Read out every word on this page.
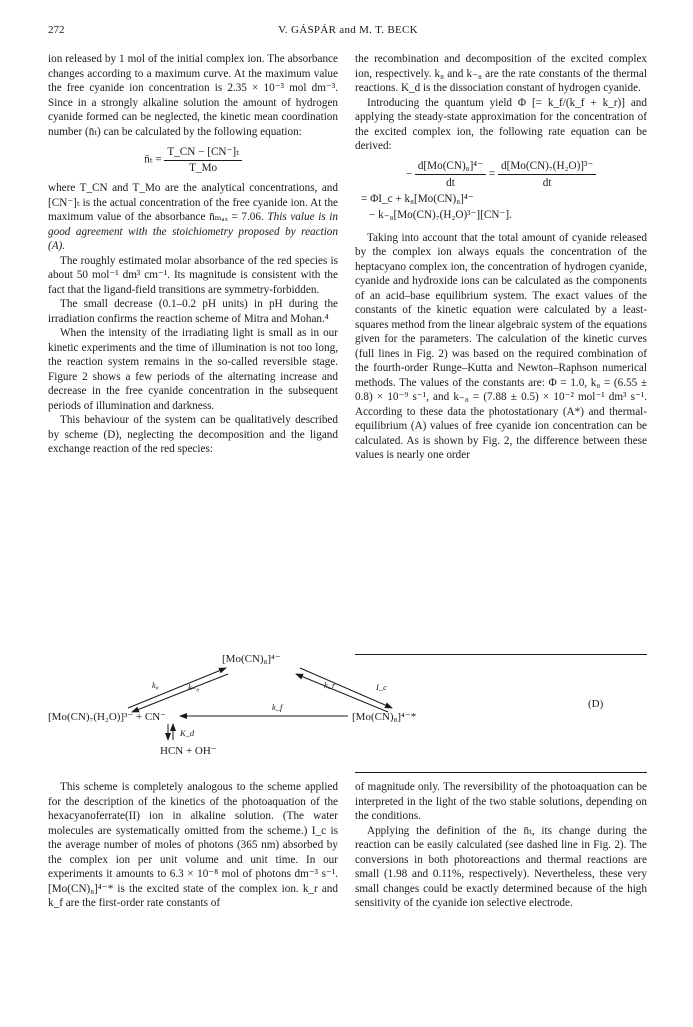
272	V. GÁSPÁR and M. T. BECK

ion released by 1 mol of the initial complex ion. The absorbance changes according to a maximum curve. At the maximum value the free cyanide ion concentration is 2.35 × 10⁻³ mol dm⁻³. Since in a strongly alkaline solution the amount of hydrogen cyanide formed can be neglected, the kinetic mean coordination number (n̄ₜ) can be calculated by the following equation:

n̄ₜ = $\frac{\text{T\_CN − [CN⁻]ₜ}}{T\_Mo}$

where T_CN and T_Mo are the analytical concentrations, and [CN⁻]ₜ is the actual concentration of the free cyanide ion. At the maximum value of the absorbance n̄ₘₐₓ = 7.06. This value is in good agreement with the stoichiometry proposed by reaction (A).

The roughly estimated molar absorbance of the red species is about 50 mol⁻¹ dm³ cm⁻¹. Its magnitude is consistent with the fact that the ligand-field transitions are symmetry-forbidden.

The small decrease (0.1–0.2 pH units) in pH during the irradiation confirms the reaction scheme of Mitra and Mohan.⁴

When the intensity of the irradiating light is small as in our kinetic experiments and the time of illumination is not too long, the reaction system remains in the so-called reversible stage. Figure 2 shows a few periods of the alternating increase and decrease in the free cyanide concentration in the subsequent periods of illumination and darkness.

This behaviour of the system can be qualitatively described by scheme (D), neglecting the decomposition and the ligand exchange reaction of the red species:

the recombination and decomposition of the excited complex ion, respectively. k₈ and k₋₈ are the rate constants of the thermal reactions. K_d is the dissociation constant of hydrogen cyanide.

Introducing the quantum yield Φ [= k_f/(k_f + k_r)] and applying the steady-state approximation for the concentration of the excited complex ion, the following rate equation can be derived:

− $\frac{\text{d[Mo(CN)₈]⁴⁻}}{dt} = \frac{\text{d[Mo(CN)₇(H₂O)]³⁻}}{dt}$
= ΦI_c + k₈[Mo(CN)₈]⁴⁻
− k₋₈[Mo(CN)₇(H₂O)³⁻][CN⁻].

Taking into account that the total amount of cyanide released by the complex ion always equals the concentration of the heptacyano complex ion, the concentration of hydrogen cyanide, cyanide and hydroxide ions can be calculated as the components of an acid–base equilibrium system. The exact values of the constants of the kinetic equation were calculated by a least-squares method from the linear algebraic system of the equations given for the parameters. The calculation of the kinetic curves (full lines in Fig. 2) was based on the required combination of the fourth-order Runge–Kutta and Newton–Raphson numerical methods. The values of the constants are: Φ = 1.0, k₈ = (6.55 ± 0.8) × 10⁻⁹ s⁻¹, and k₋₈ = (7.88 ± 0.5) × 10⁻² mol⁻¹ dm³ s⁻¹. According to these data the photostationary (A*) and thermal-equilibrium (A) values of free cyanide ion concentration can be calculated. As is shown by Fig. 2, the difference between these values is nearly one order

[Mo(CN)₈]⁴⁻
[Mo(CN)₇(H₂O)]³⁻ + CN⁻	[Mo(CN)₈]⁴⁻*
HCN + OH⁻
(D)
k₈	k₋₈	k_r	I_c
k_f
K_d

This scheme is completely analogous to the scheme applied for the description of the kinetics of the photoaquation of the hexacyanoferrate(II) ion in alkaline solution. (The water molecules are systematically omitted from the scheme.) I_c is the average number of moles of photons (365 nm) absorbed by the complex ion per unit volume and unit time. In our experiments it amounts to 6.3 × 10⁻⁸ mol of photons dm⁻³ s⁻¹. [Mo(CN)₈]⁴⁻* is the excited state of the complex ion. k_r and k_f are the first-order rate constants of

of magnitude only. The reversibility of the photoaquation can be interpreted in the light of the two stable solutions, depending on the conditions.

Applying the definition of the n̄ₜ, its change during the reaction can be easily calculated (see dashed line in Fig. 2). The conversions in both photoreactions and thermal reactions are small (1.98 and 0.11%, respectively). Nevertheless, these very small changes could be exactly determined because of the high sensitivity of the cyanide ion selective electrode.
